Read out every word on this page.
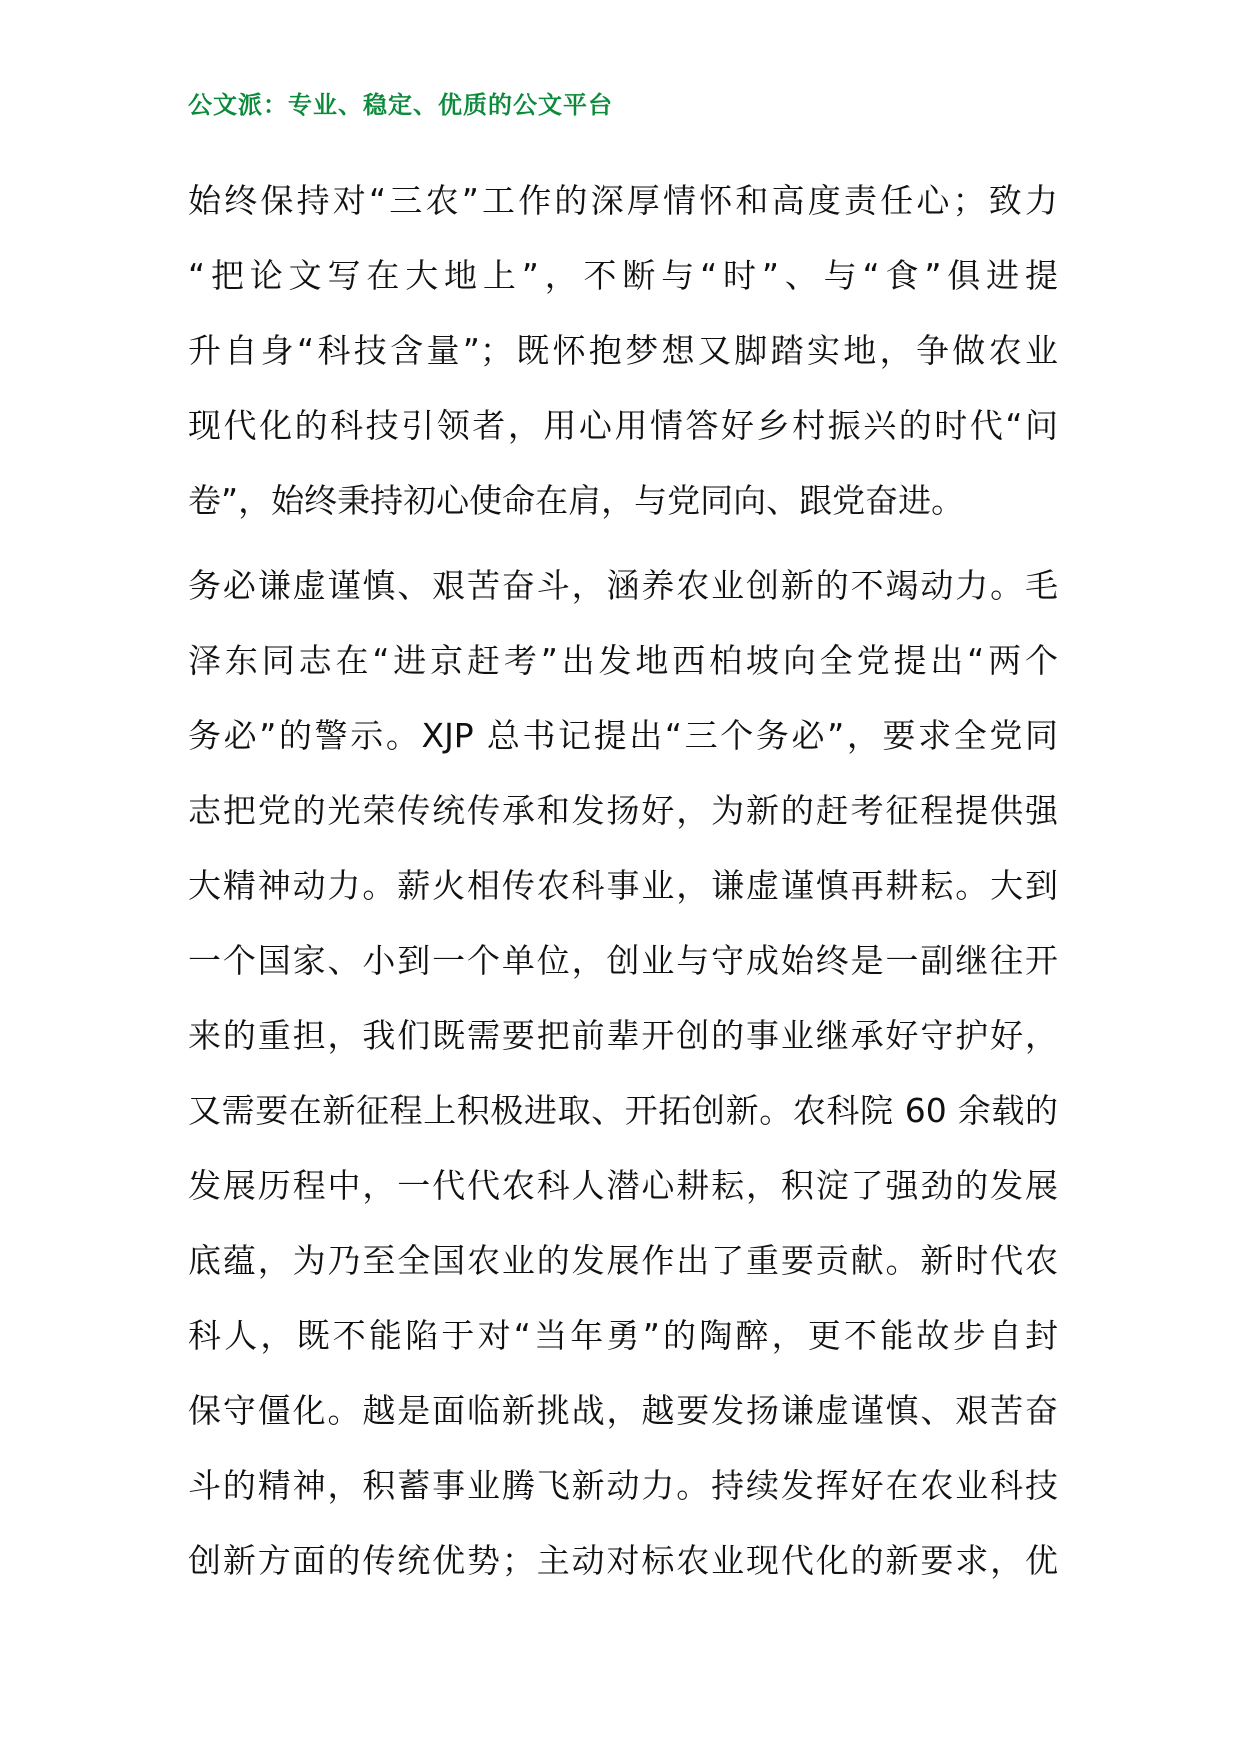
公文派：专业、稳定、优质的公文平台

始终保持对“三农”工作的深厚情怀和高度责任心；致力
“把论文写在大地上”，不断与“时”、与“食”俱进提
升自身“科技含量”；既怀抱梦想又脚踏实地，争做农业
现代化的科技引领者，用心用情答好乡村振兴的时代“问
卷”，始终秉持初心使命在肩，与党同向、跟党奋进。

务必谦虚谨慎、艰苦奋斗，涵养农业创新的不竭动力。毛
泽东同志在“进京赶考”出发地西柏坡向全党提出“两个
务必”的警示。XJP 总书记提出“三个务必”，要求全党同
志把党的光荣传统传承和发扬好，为新的赶考征程提供强
大精神动力。薪火相传农科事业，谦虚谨慎再耕耘。大到
一个国家、小到一个单位，创业与守成始终是一副继往开
来的重担，我们既需要把前辈开创的事业继承好守护好，
又需要在新征程上积极进取、开拓创新。农科院 60 余载的
发展历程中，一代代农科人潜心耕耘，积淀了强劲的发展
底蕴，为乃至全国农业的发展作出了重要贡献。新时代农
科人，既不能陷于对“当年勇”的陶醉，更不能故步自封
保守僵化。越是面临新挑战，越要发扬谦虚谨慎、艰苦奋
斗的精神，积蓄事业腾飞新动力。持续发挥好在农业科技
创新方面的传统优势；主动对标农业现代化的新要求，优
